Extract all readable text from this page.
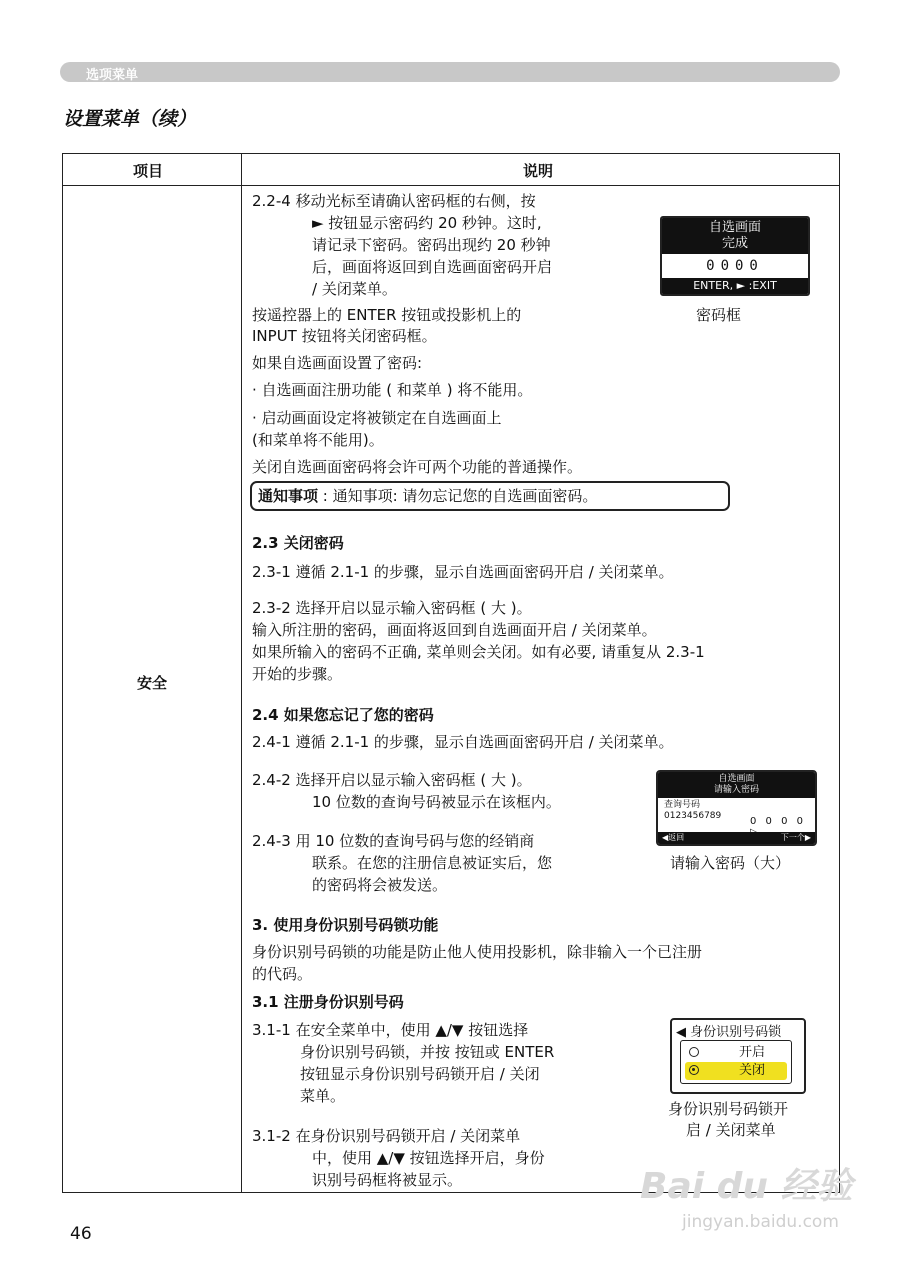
选项菜单
设置菜单（续）
项目	说明
安全
2.2-4 移动光标至请确认密码框的右侧，按
► 按钮显示密码约 20 秒钟。这时,
请记录下密码。密码出现约 20 秒钟
后，画面将返回到自选画面密码开启
/ 关闭菜单。
按遥控器上的 ENTER 按钮或投影机上的
INPUT 按钮将关闭密码框。
如果自选画面设置了密码:
· 自选画面注册功能 ( 和菜单 ) 将不能用。
· 启动画面设定将被锁定在自选画面上
(和菜单将不能用)。
关闭自选画面密码将会许可两个功能的普通操作。
通知事项 : 通知事项: 请勿忘记您的自选画面密码。
2.3 关闭密码
2.3-1 遵循 2.1-1 的步骤，显示自选画面密码开启 / 关闭菜单。
2.3-2 选择开启以显示输入密码框 ( 大 )。
输入所注册的密码，画面将返回到自选画面开启 / 关闭菜单。
如果所输入的密码不正确, 菜单则会关闭。如有必要, 请重复从 2.3-1
开始的步骤。
2.4 如果您忘记了您的密码
2.4-1 遵循 2.1-1 的步骤，显示自选画面密码开启 / 关闭菜单。
2.4-2 选择开启以显示输入密码框 ( 大 )。
10 位数的查询号码被显示在该框内。
2.4-3 用 10 位数的查询号码与您的经销商
联系。在您的注册信息被证实后，您
的密码将会被发送。
3. 使用身份识别号码锁功能
身份识别号码锁的功能是防止他人使用投影机，除非输入一个已注册
的代码。
3.1 注册身份识别号码
3.1-1 在安全菜单中，使用 ▲/▼ 按钮选择
身份识别号码锁，并按 按钮或 ENTER
按钮显示身份识别号码锁开启 / 关闭
菜单。
3.1-2 在身份识别号码锁开启 / 关闭菜单
中，使用 ▲/▼ 按钮选择开启，身份
识别号码框将被显示。
自选画面
完成
0000
ENTER, ► :EXIT
密码框
自选画面
请输入密码
查询号码
0123456789	0 0 0 0
◀返回	下一个▶
请输入密码（大）
◀ 身份识别号码锁
开启
关闭
身份识别号码锁开
启 / 关闭菜单
46
Bai du 经验
jingyan.baidu.com
